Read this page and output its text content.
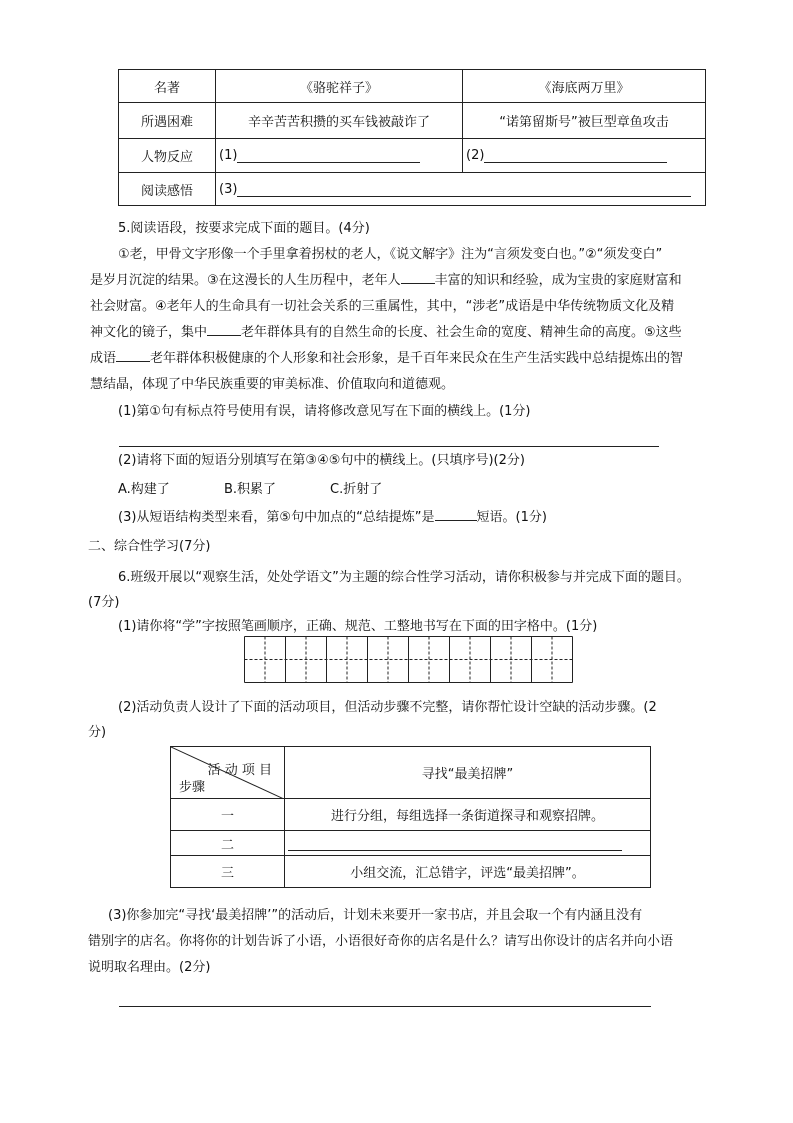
名著	《骆驼祥子》	《海底两万里》
所遇困难	辛辛苦苦积攒的买车钱被敲诈了	“诺第留斯号”被巨型章鱼攻击
人物反应	(1)	(2)
阅读感悟	(3)	

5.阅读语段，按要求完成下面的题目。(4分)

①老，甲骨文字形像一个手里拿着拐杖的老人，《说文解字》注为“言须发变白也。”②“须发变白”
是岁月沉淀的结果。③在这漫长的人生历程中，老年人	丰富的知识和经验，成为宝贵的家庭财富和
社会财富。④老年人的生命具有一切社会关系的三重属性，其中，“涉老”成语是中华传统物质文化及精
神文化的镜子，集中	老年群体具有的自然生命的长度、社会生命的宽度、精神生命的高度。⑤这些
成语	老年群体积极健康的个人形象和社会形象，是千百年来民众在生产生活实践中总结提炼出的智
慧结晶，体现了中华民族重要的审美标准、价值取向和道德观。

(1)第①句有标点符号使用有误，请将修改意见写在下面的横线上。(1分)

(2)请将下面的短语分别填写在第③④⑤句中的横线上。(只填序号)(2分)

A.构建了	B.积累了	C.折射了

(3)从短语结构类型来看，第⑤句中加点的“总结提炼”是	短语。(1分)

二、综合性学习(7分)

6.班级开展以“观察生活，处处学语文”为主题的综合性学习活动，请你积极参与并完成下面的题目。

(7分)

(1)请你将“学”字按照笔画顺序，正确、规范、工整地书写在下面的田字格中。(1分)

(2)活动负责人设计了下面的活动项目，但活动步骤不完整，请你帮忙设计空缺的活动步骤。(2

分)

活 动 项 目
步骤	寻找“最美招牌”
一	进行分组，每组选择一条街道探寻和观察招牌。
二	
三	小组交流，汇总错字，评选“最美招牌”。
(3)你参加完“寻找‘最美招牌’”的活动后，计划未来要开一家书店，并且会取一个有内涵且没有
错别字的店名。你将你的计划告诉了小语，小语很好奇你的店名是什么？请写出你设计的店名并向小语
说明取名理由。(2分)
